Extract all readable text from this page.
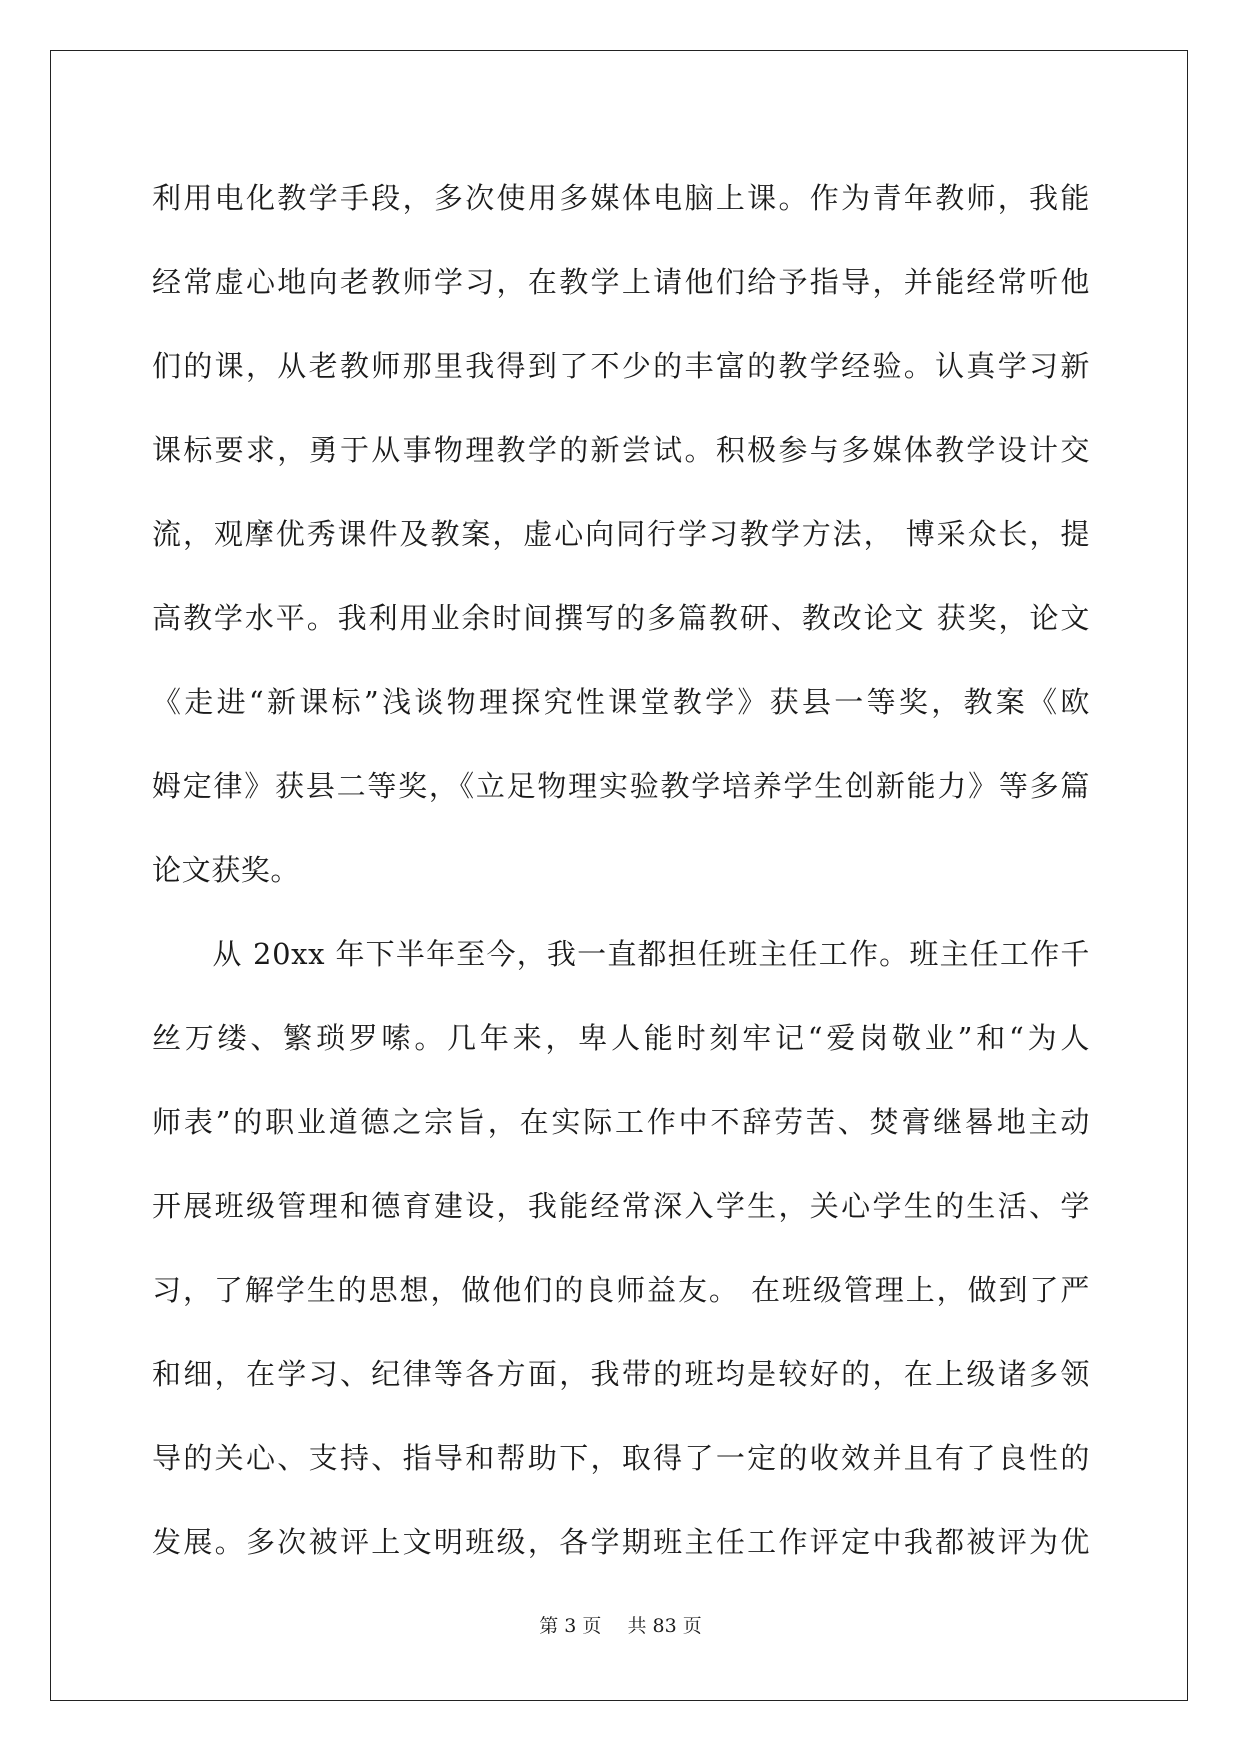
利用电化教学手段，多次使用多媒体电脑上课。作为青年教师，我能
经常虚心地向老教师学习，在教学上请他们给予指导，并能经常听他
们的课，从老教师那里我得到了不少的丰富的教学经验。认真学习新
课标要求，勇于从事物理教学的新尝试。积极参与多媒体教学设计交
流，观摩优秀课件及教案，虚心向同行学习教学方法， 博采众长，提
高教学水平。我利用业余时间撰写的多篇教研、教改论文 获奖，论文
《走进“新课标”浅谈物理探究性课堂教学》获县一等奖，教案《欧
姆定律》获县二等奖，《立足物理实验教学培养学生创新能力》等多篇
论文获奖。
　　从 20xx 年下半年至今，我一直都担任班主任工作。班主任工作千
丝万缕、繁琐罗嗦。几年来，卑人能时刻牢记“爱岗敬业”和“为人
师表”的职业道德之宗旨，在实际工作中不辞劳苦、焚膏继晷地主动
开展班级管理和德育建设，我能经常深入学生，关心学生的生活、学
习，了解学生的思想，做他们的良师益友。 在班级管理上，做到了严
和细，在学习、纪律等各方面，我带的班均是较好的，在上级诸多领
导的关心、支持、指导和帮助下，取得了一定的收效并且有了良性的
发展。多次被评上文明班级，各学期班主任工作评定中我都被评为优
第 3 页 共 83 页
